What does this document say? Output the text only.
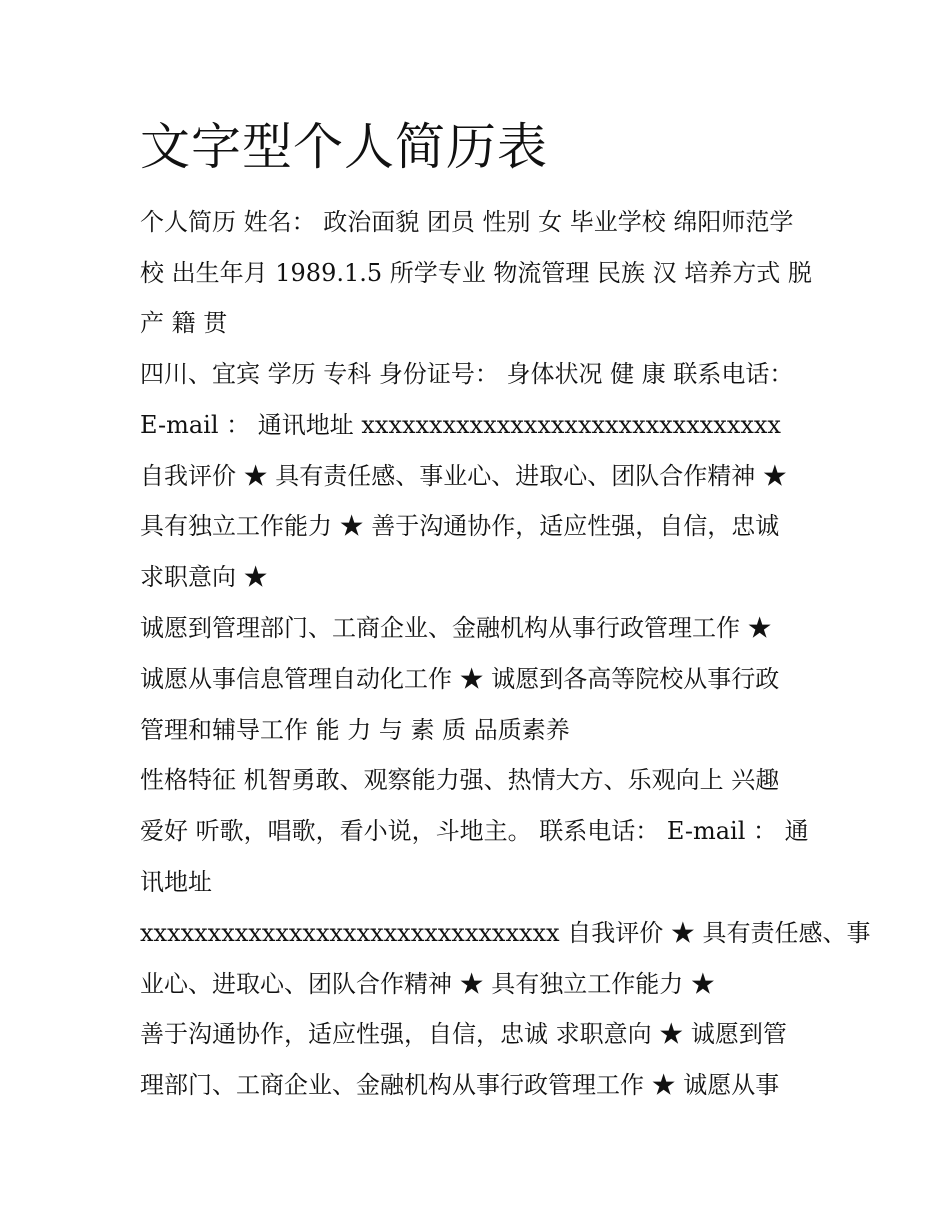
文字型个人简历表
个人简历 姓名： 政治面貌 团员 性别 女 毕业学校 绵阳师范学
校 出生年月 1989.1.5 所学专业 物流管理 民族 汉 培养方式 脱
产 籍 贯
四川、宜宾 学历 专科 身份证号： 身体状况 健 康 联系电话：
E-mail ： 通讯地址 xxxxxxxxxxxxxxxxxxxxxxxxxxxxxxx
自我评价 ★ 具有责任感、事业心、进取心、团队合作精神 ★
具有独立工作能力 ★ 善于沟通协作，适应性强，自信，忠诚
求职意向 ★
诚愿到管理部门、工商企业、金融机构从事行政管理工作 ★
诚愿从事信息管理自动化工作 ★ 诚愿到各高等院校从事行政
管理和辅导工作 能 力 与 素 质 品质素养
性格特征 机智勇敢、观察能力强、热情大方、乐观向上 兴趣
爱好 听歌，唱歌，看小说，斗地主。 联系电话： E-mail ： 通
讯地址
xxxxxxxxxxxxxxxxxxxxxxxxxxxxxxx 自我评价 ★ 具有责任感、事
业心、进取心、团队合作精神 ★ 具有独立工作能力 ★
善于沟通协作，适应性强，自信，忠诚 求职意向 ★ 诚愿到管
理部门、工商企业、金融机构从事行政管理工作 ★ 诚愿从事
